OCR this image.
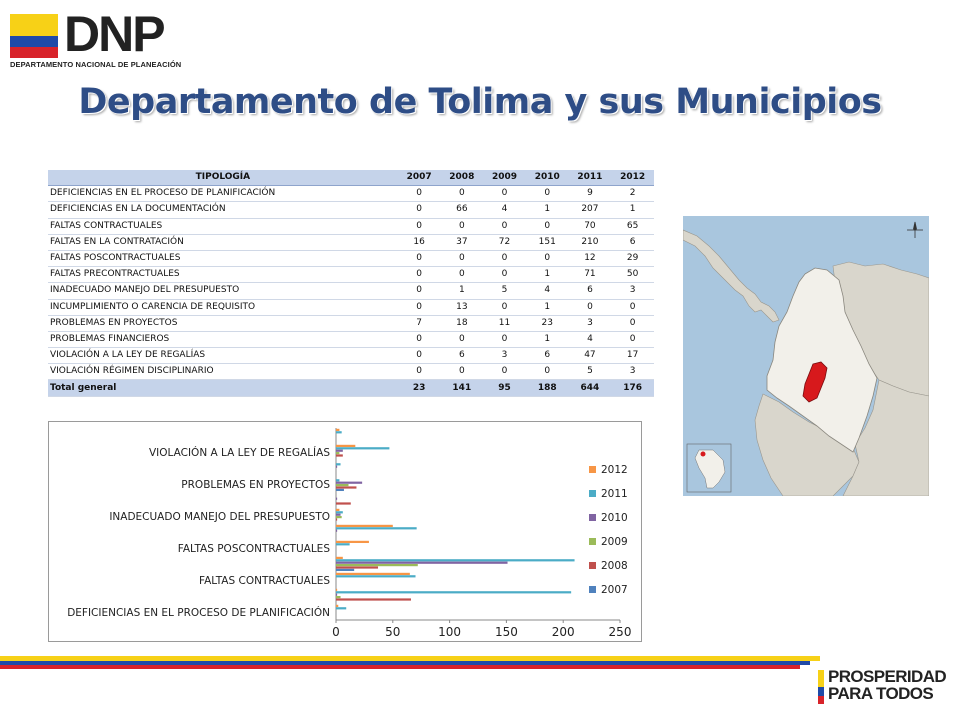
DNP
DEPARTAMENTO NACIONAL DE PLANEACIÓN
Departamento de Tolima y sus Municipios
TIPOLOGÍA	2007	2008	2009	2010	2011	2012
DEFICIENCIAS EN EL PROCESO DE PLANIFICACIÓN	0	0	0	0	9	2
DEFICIENCIAS EN LA DOCUMENTACIÓN	0	66	4	1	207	1
FALTAS CONTRACTUALES	0	0	0	0	70	65
FALTAS EN LA CONTRATACIÓN	16	37	72	151	210	6
FALTAS POSCONTRACTUALES	0	0	0	0	12	29
FALTAS PRECONTRACTUALES	0	0	0	1	71	50
INADECUADO MANEJO DEL PRESUPUESTO	0	1	5	4	6	3
INCUMPLIMIENTO O CARENCIA DE REQUISITO	0	13	0	1	0	0
PROBLEMAS EN PROYECTOS	7	18	11	23	3	0
PROBLEMAS FINANCIEROS	0	0	0	1	4	0
VIOLACIÓN A LA LEY DE REGALÍAS	0	6	3	6	47	17
VIOLACIÓN RÉGIMEN DISCIPLINARIO	0	0	0	0	5	3
Total general	23	141	95	188	644	176
DEFICIENCIAS EN EL PROCESO DE PLANIFICACIÓN
FALTAS CONTRACTUALES
FALTAS POSCONTRACTUALES
INADECUADO MANEJO DEL PRESUPUESTO
PROBLEMAS EN PROYECTOS
VIOLACIÓN A LA LEY DE REGALÍAS
0	50	100	150	200	250
2012
2011
2010
2009
2008
2007
PROSPERIDAD
PARA TODOS
